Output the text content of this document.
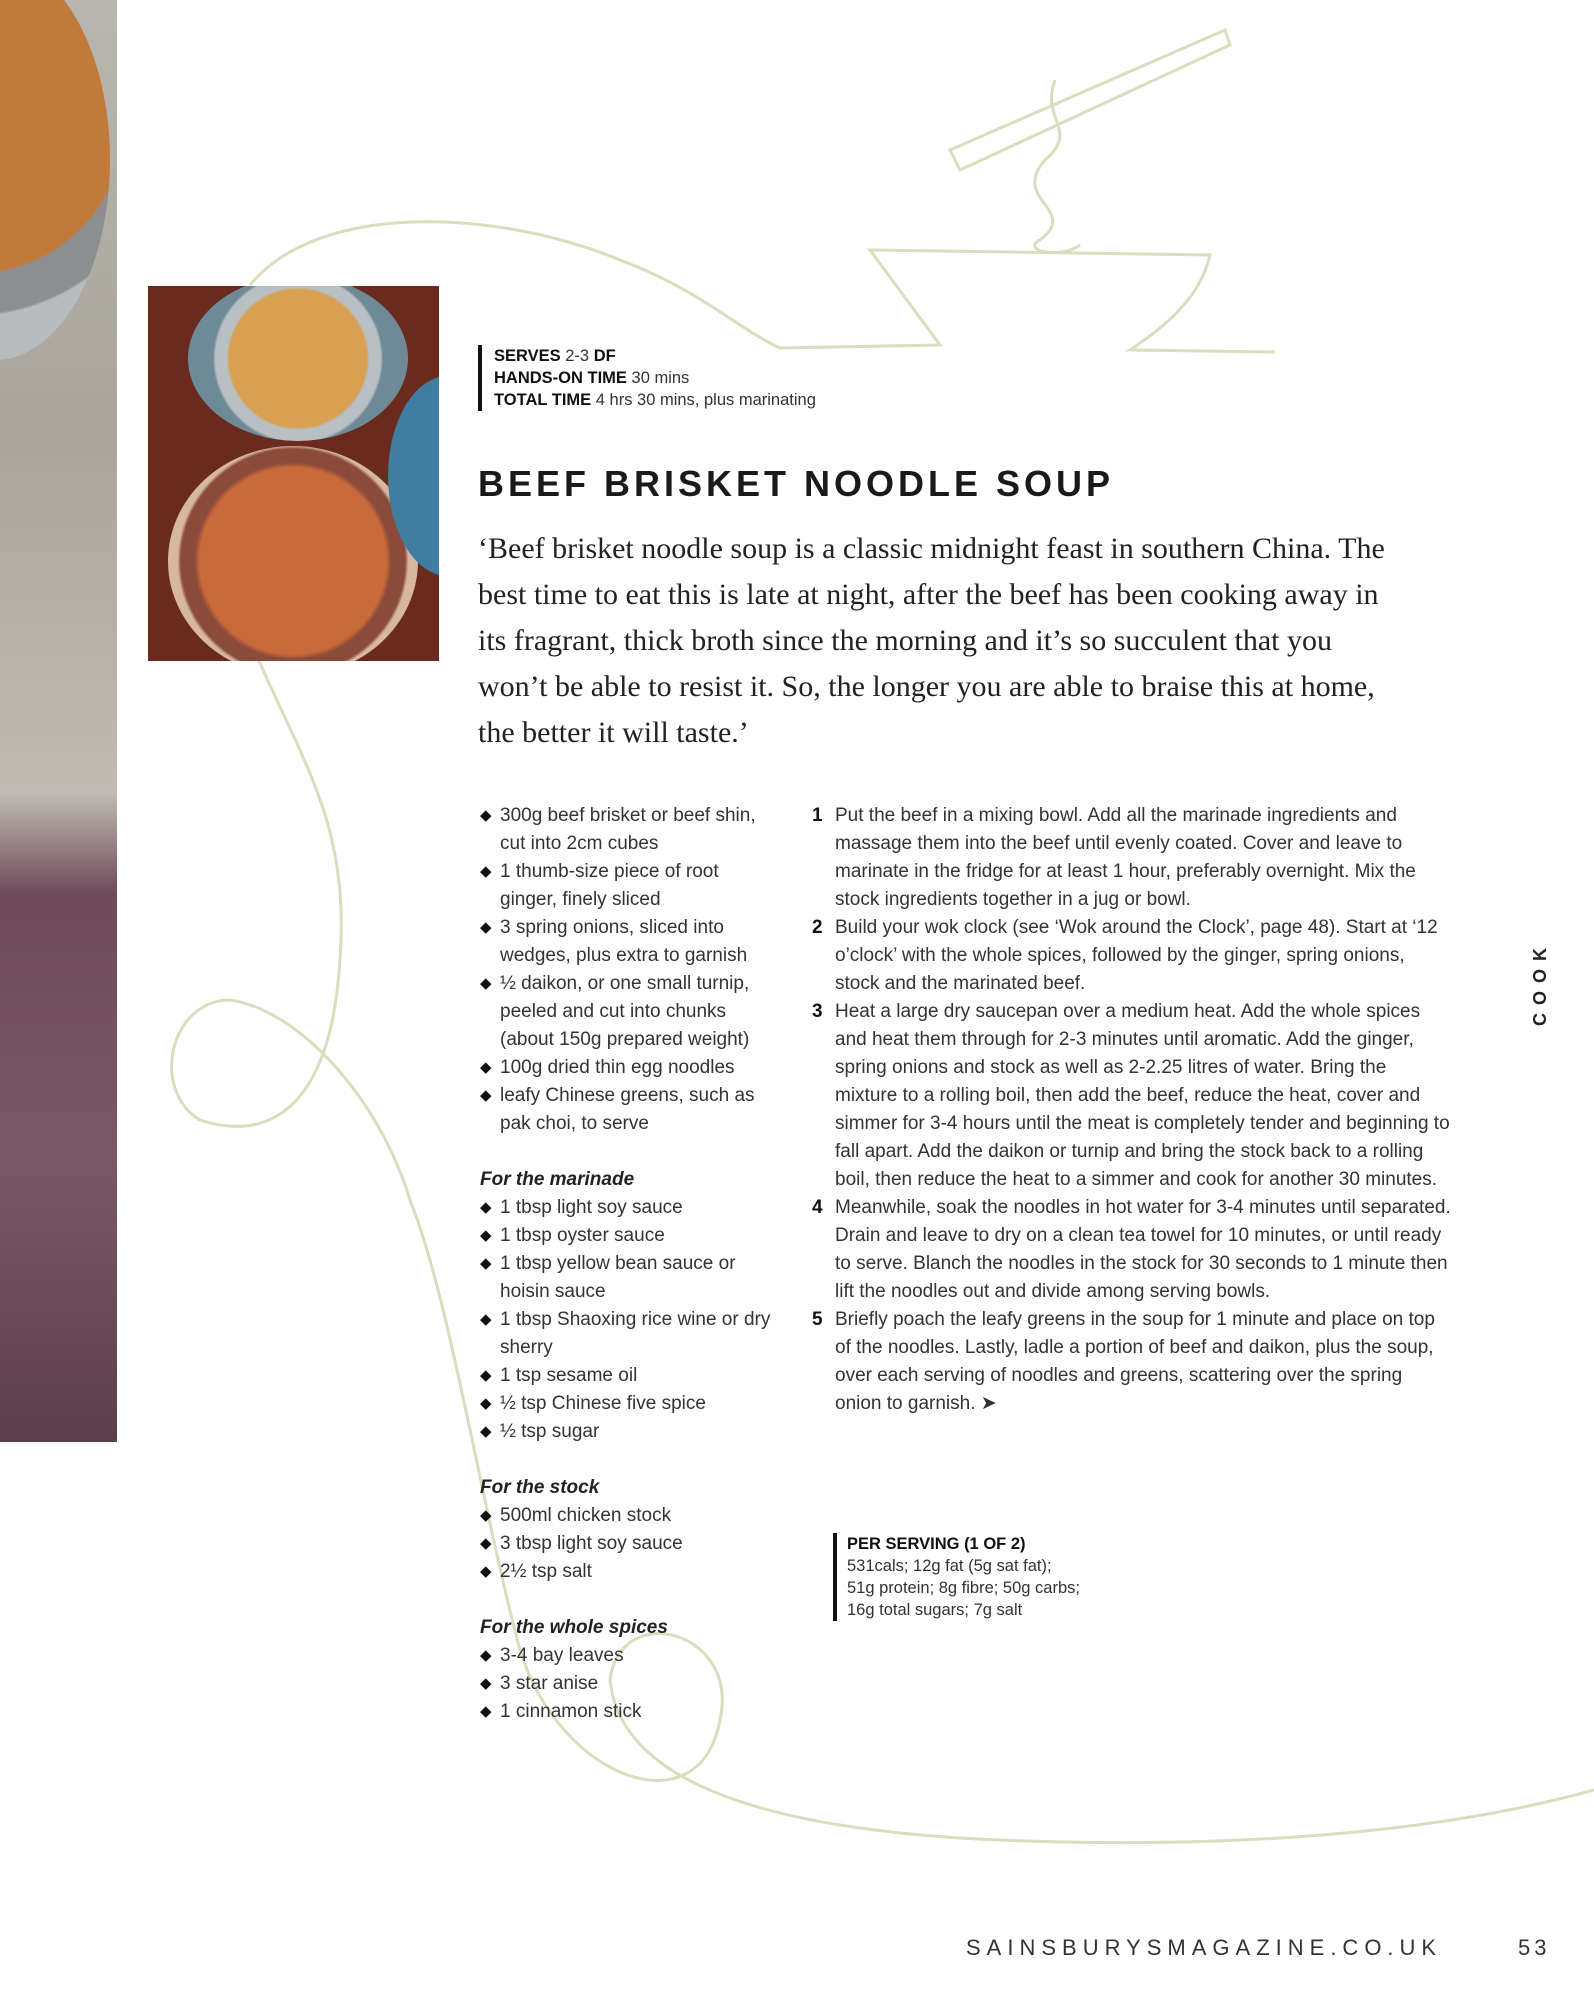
SERVES 2-3 DF
HANDS-ON TIME 30 mins
TOTAL TIME 4 hrs 30 mins, plus marinating
BEEF BRISKET NOODLE SOUP

‘Beef brisket noodle soup is a classic midnight feast in southern China. The best time to eat this is late at night, after the beef has been cooking away in its fragrant, thick broth since the morning and it’s so succulent that you won’t be able to resist it. So, the longer you are able to braise this at home, the better it will taste.’

◆ 300g beef brisket or beef shin, cut into 2cm cubes
◆ 1 thumb-size piece of root ginger, finely sliced
◆ 3 spring onions, sliced into wedges, plus extra to garnish
◆ ½ daikon, or one small turnip, peeled and cut into chunks (about 150g prepared weight)
◆ 100g dried thin egg noodles
◆ leafy Chinese greens, such as pak choi, to serve
For the marinade
◆ 1 tbsp light soy sauce
◆ 1 tbsp oyster sauce
◆ 1 tbsp yellow bean sauce or hoisin sauce
◆ 1 tbsp Shaoxing rice wine or dry sherry
◆ 1 tsp sesame oil
◆ ½ tsp Chinese five spice
◆ ½ tsp sugar
For the stock
◆ 500ml chicken stock
◆ 3 tbsp light soy sauce
◆ 2½ tsp salt
For the whole spices
◆ 3-4 bay leaves
◆ 3 star anise
◆ 1 cinnamon stick
1 Put the beef in a mixing bowl. Add all the marinade ingredients and massage them into the beef until evenly coated. Cover and leave to marinate in the fridge for at least 1 hour, preferably overnight. Mix the stock ingredients together in a jug or bowl.
2 Build your wok clock (see ‘Wok around the Clock’, page 48). Start at ‘12 o’clock’ with the whole spices, followed by the ginger, spring onions, stock and the marinated beef.
3 Heat a large dry saucepan over a medium heat. Add the whole spices and heat them through for 2-3 minutes until aromatic. Add the ginger, spring onions and stock as well as 2-2.25 litres of water. Bring the mixture to a rolling boil, then add the beef, reduce the heat, cover and simmer for 3-4 hours until the meat is completely tender and beginning to fall apart. Add the daikon or turnip and bring the stock back to a rolling boil, then reduce the heat to a simmer and cook for another 30 minutes.
4 Meanwhile, soak the noodles in hot water for 3-4 minutes until separated. Drain and leave to dry on a clean tea towel for 10 minutes, or until ready to serve. Blanch the noodles in the stock for 30 seconds to 1 minute then lift the noodles out and divide among serving bowls.
5 Briefly poach the leafy greens in the soup for 1 minute and place on top of the noodles. Lastly, ladle a portion of beef and daikon, plus the soup, over each serving of noodles and greens, scattering over the spring onion to garnish. ➤
PER SERVING (1 OF 2)
531cals; 12g fat (5g sat fat);
51g protein; 8g fibre; 50g carbs;
16g total sugars; 7g salt
COOK
SAINSBURYSMAGAZINE.CO.UK	53
